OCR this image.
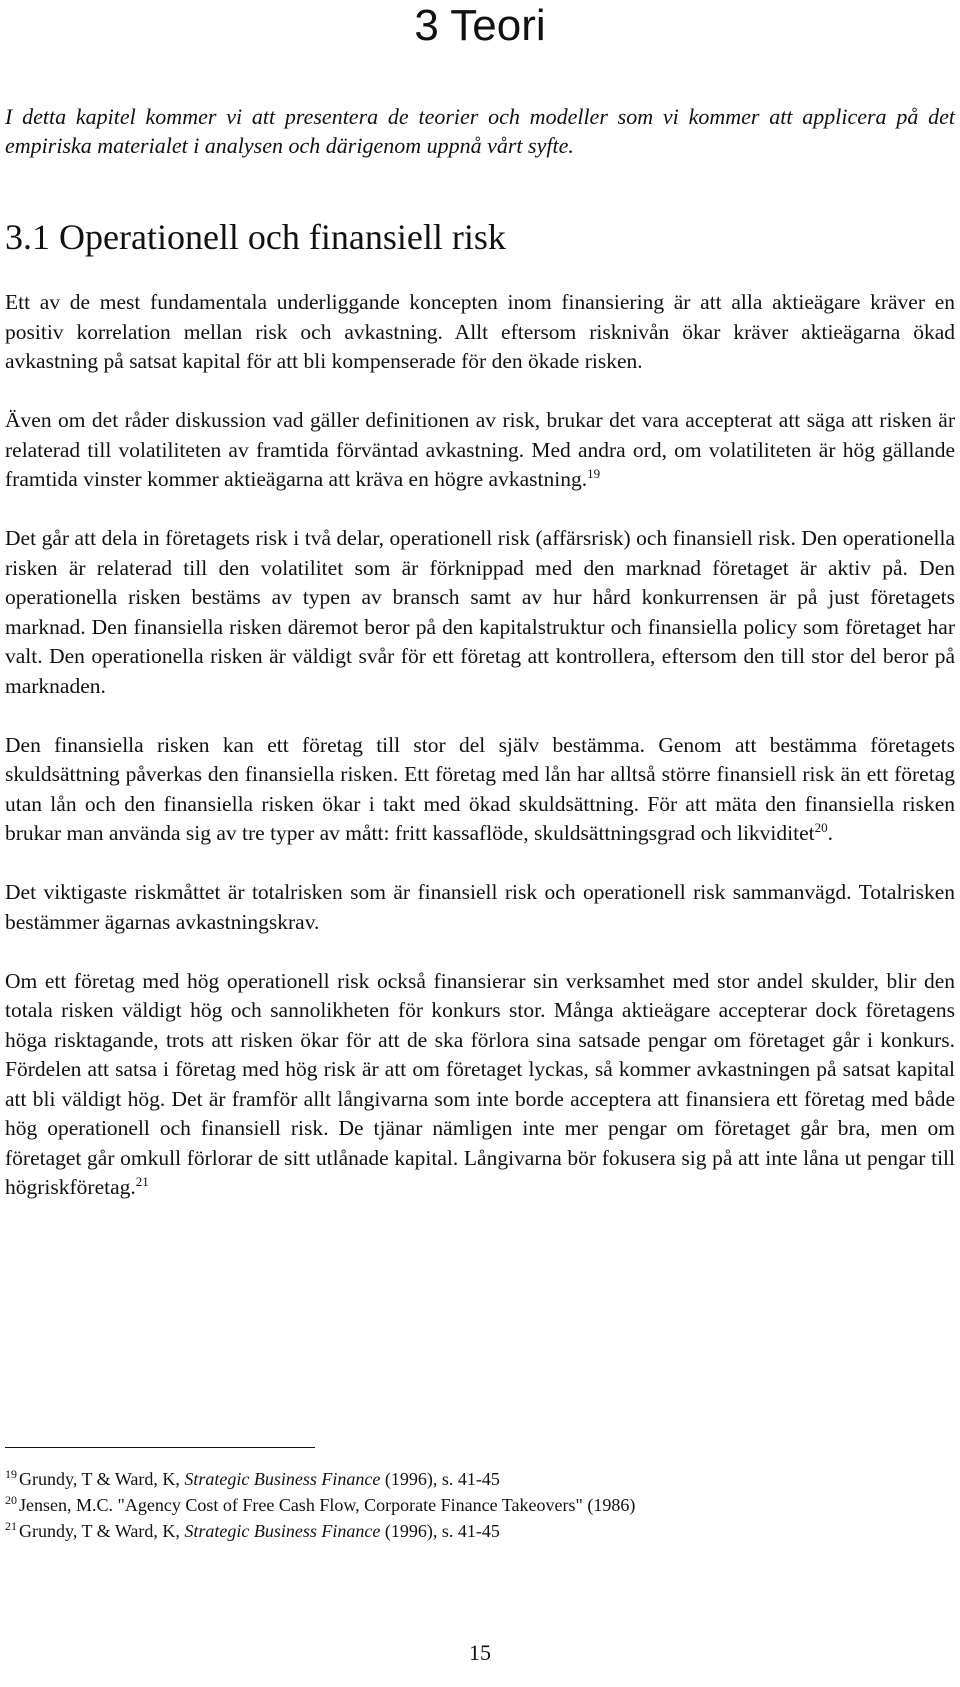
3 Teori

I detta kapitel kommer vi att presentera de teorier och modeller som vi kommer att applicera på det empiriska materialet i analysen och därigenom uppnå vårt syfte.

3.1 Operationell och finansiell risk

Ett av de mest fundamentala underliggande koncepten inom finansiering är att alla aktieägare kräver en positiv korrelation mellan risk och avkastning. Allt eftersom risknivån ökar kräver aktieägarna ökad avkastning på satsat kapital för att bli kompenserade för den ökade risken.

Även om det råder diskussion vad gäller definitionen av risk, brukar det vara accepterat att säga att risken är relaterad till volatiliteten av framtida förväntad avkastning. Med andra ord, om volatiliteten är hög gällande framtida vinster kommer aktieägarna att kräva en högre avkastning.$^{19}$

Det går att dela in företagets risk i två delar, operationell risk (affärsrisk) och finansiell risk. Den operationella risken är relaterad till den volatilitet som är förknippad med den marknad företaget är aktiv på. Den operationella risken bestäms av typen av bransch samt av hur hård konkurrensen är på just företagets marknad. Den finansiella risken däremot beror på den kapitalstruktur och finansiella policy som företaget har valt. Den operationella risken är väldigt svår för ett företag att kontrollera, eftersom den till stor del beror på marknaden.

Den finansiella risken kan ett företag till stor del själv bestämma. Genom att bestämma företagets skuldsättning påverkas den finansiella risken. Ett företag med lån har alltså större finansiell risk än ett företag utan lån och den finansiella risken ökar i takt med ökad skuldsättning. För att mäta den finansiella risken brukar man använda sig av tre typer av mått: fritt kassaflöde, skuldsättningsgrad och likviditet$^{20}$.

Det viktigaste riskmåttet är totalrisken som är finansiell risk och operationell risk sammanvägd. Totalrisken bestämmer ägarnas avkastningskrav.

Om ett företag med hög operationell risk också finansierar sin verksamhet med stor andel skulder, blir den totala risken väldigt hög och sannolikheten för konkurs stor. Många aktieägare accepterar dock företagens höga risktagande, trots att risken ökar för att de ska förlora sina satsade pengar om företaget går i konkurs. Fördelen att satsa i företag med hög risk är att om företaget lyckas, så kommer avkastningen på satsat kapital att bli väldigt hög. Det är framför allt långivarna som inte borde acceptera att finansiera ett företag med både hög operationell och finansiell risk. De tjänar nämligen inte mer pengar om företaget går bra, men om företaget går omkull förlorar de sitt utlånade kapital. Långivarna bör fokusera sig på att inte låna ut pengar till högriskföretag.$^{21}$

$^{19}$ Grundy, T & Ward, K, Strategic Business Finance (1996), s. 41-45
$^{20}$ Jensen, M.C. "Agency Cost of Free Cash Flow, Corporate Finance Takeovers" (1986)
$^{21}$ Grundy, T & Ward, K, Strategic Business Finance (1996), s. 41-45
15
